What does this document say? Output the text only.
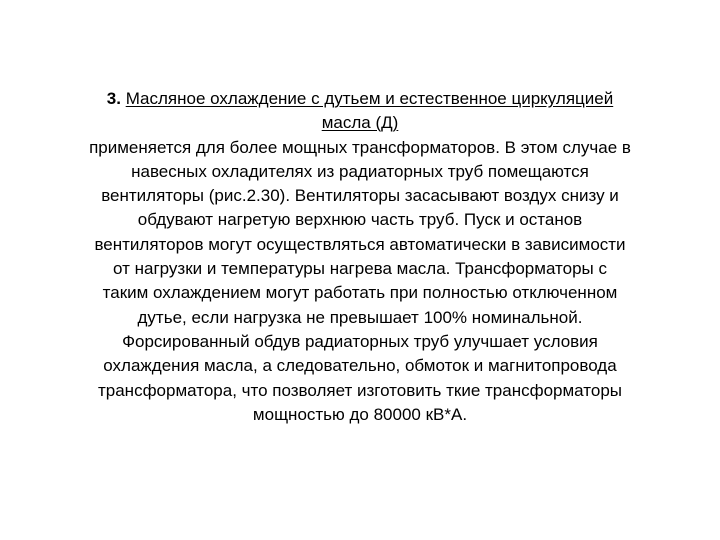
3. Масляное охлаждение с дутьем и естественное циркуляцией
масла (Д)
применяется для более мощных трансформаторов. В этом случае в
навесных охладителях из радиаторных труб помещаются
вентиляторы (рис.2.30). Вентиляторы засасывают воздух снизу и
обдувают нагретую верхнюю часть труб. Пуск и останов
вентиляторов могут осуществляться автоматически в зависимости
от нагрузки и температуры нагрева масла. Трансформаторы с
таким охлаждением могут работать при полностью отключенном
дутье, если нагрузка не превышает 100% номинальной.
Форсированный обдув радиаторных труб улучшает условия
охлаждения масла, а следовательно, обмоток и магнитопровода
трансформатора, что позволяет изготовить ткие трансформаторы
мощностью до 80000 кВ*А.
